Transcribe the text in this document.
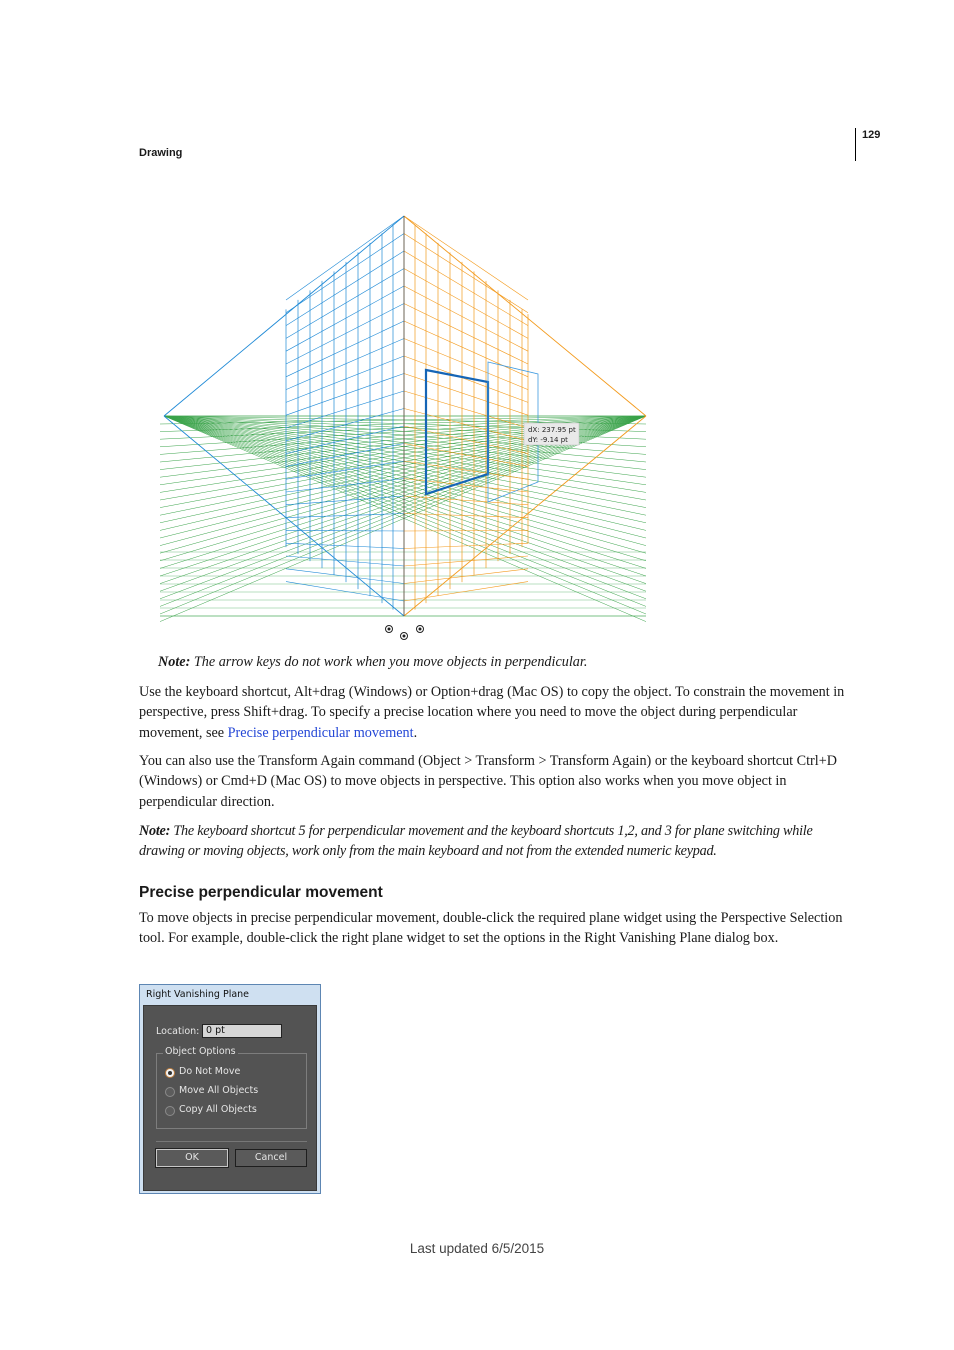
Drawing
129
dX: 237.95 pt
dY: -9.14 pt

Note: The arrow keys do not work when you move objects in perpendicular.

Use the keyboard shortcut, Alt+drag (Windows) or Option+drag (Mac OS) to copy the object. To constrain the movement in perspective, press Shift+drag. To specify a precise location where you need to move the object during perpendicular movement, see Precise perpendicular movement.

You can also use the Transform Again command (Object > Transform > Transform Again) or the keyboard shortcut Ctrl+D (Windows) or Cmd+D (Mac OS) to move objects in perspective. This option also works when you move object in perpendicular direction.

Note: The keyboard shortcut 5 for perpendicular movement and the keyboard shortcuts 1,2, and 3 for plane switching while drawing or moving objects, work only from the main keyboard and not from the extended numeric keypad.

Precise perpendicular movement

To move objects in precise perpendicular movement, double-click the required plane widget using the Perspective Selection tool. For example, double-click the right plane widget to set the options in the Right Vanishing Plane dialog box.

Right Vanishing Plane
Location: 0 pt
Object Options
Do Not Move
Move All Objects
Copy All Objects
OK	Cancel
Last updated 6/5/2015
